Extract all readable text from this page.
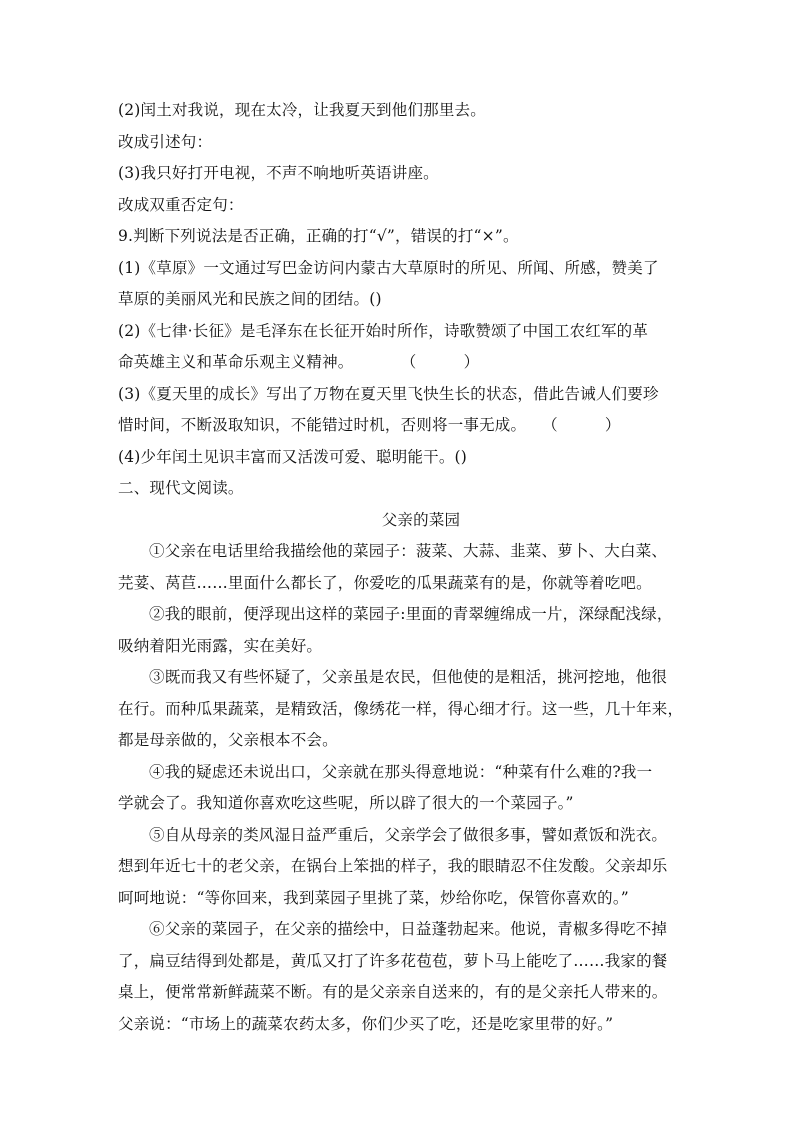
(2)闰土对我说，现在太冷，让我夏天到他们那里去。
改成引述句：
(3)我只好打开电视，不声不响地听英语讲座。
改成双重否定句：
9.判断下列说法是否正确，正确的打“√”，错误的打“×”。
(1)《草原》一文通过写巴金访问内蒙古大草原时的所见、所闻、所感，赞美了
草原的美丽风光和民族之间的团结。()
(2)《七律·长征》是毛泽东在长征开始时所作，诗歌赞颂了中国工农红军的革
命英雄主义和革命乐观主义精神。　　　　（　　　）
(3)《夏天里的成长》写出了万物在夏天里飞快生长的状态，借此告诫人们要珍
惜时间，不断汲取知识，不能错过时机，否则将一事无成。　　（　　　）
(4)少年闰土见识丰富而又活泼可爱、聪明能干。()
二、现代文阅读。
父亲的菜园
①父亲在电话里给我描绘他的菜园子：菠菜、大蒜、韭菜、萝卜、大白菜、
芫荽、莴苣……里面什么都长了，你爱吃的瓜果蔬菜有的是，你就等着吃吧。
②我的眼前，便浮现出这样的菜园子:里面的青翠缠绵成一片，深绿配浅绿，
吸纳着阳光雨露，实在美好。
③既而我又有些怀疑了，父亲虽是农民，但他使的是粗活，挑河挖地，他很
在行。而种瓜果蔬菜，是精致活，像绣花一样，得心细才行。这一些，几十年来，
都是母亲做的，父亲根本不会。
④我的疑虑还未说出口，父亲就在那头得意地说：“种菜有什么难的?我一
学就会了。我知道你喜欢吃这些呢，所以辟了很大的一个菜园子。”
⑤自从母亲的类风湿日益严重后，父亲学会了做很多事，譬如煮饭和洗衣。
想到年近七十的老父亲，在锅台上笨拙的样子，我的眼睛忍不住发酸。父亲却乐
呵呵地说：“等你回来，我到菜园子里挑了菜，炒给你吃，保管你喜欢的。”
⑥父亲的菜园子，在父亲的描绘中，日益蓬勃起来。他说，青椒多得吃不掉
了，扁豆结得到处都是，黄瓜又打了许多花苞苞，萝卜马上能吃了……我家的餐
桌上，便常常新鲜蔬菜不断。有的是父亲亲自送来的，有的是父亲托人带来的。
父亲说：“市场上的蔬菜农药太多，你们少买了吃，还是吃家里带的好。”
